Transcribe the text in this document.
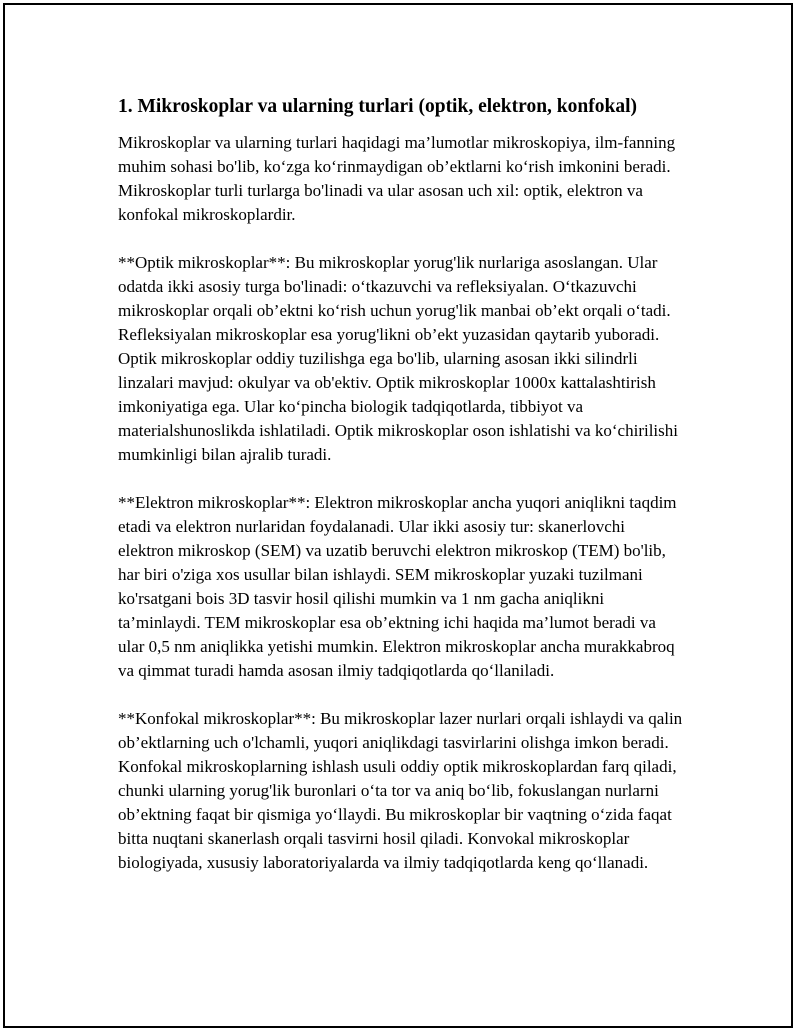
1. Mikroskoplar va ularning turlari (optik, elektron, konfokal)

Mikroskoplar va ularning turlari haqidagi ma’lumotlar mikroskopiya, ilm-fanning muhim sohasi bo'lib, ko‘zga ko‘rinmaydigan ob’ektlarni ko‘rish imkonini beradi. Mikroskoplar turli turlarga bo'linadi va ular asosan uch xil: optik, elektron va konfokal mikroskoplardir.

**Optik mikroskoplar**: Bu mikroskoplar yorug'lik nurlariga asoslangan. Ular odatda ikki asosiy turga bo'linadi: o‘tkazuvchi va refleksiyalan. O‘tkazuvchi mikroskoplar orqali ob’ektni ko‘rish uchun yorug'lik manbai ob’ekt orqali o‘tadi. Refleksiyalan mikroskoplar esa yorug'likni ob’ekt yuzasidan qaytarib yuboradi. Optik mikroskoplar oddiy tuzilishga ega bo'lib, ularning asosan ikki silindrli linzalari mavjud: okulyar va ob'ektiv. Optik mikroskoplar 1000x kattalashtirish imkoniyatiga ega. Ular ko‘pincha biologik tadqiqotlarda, tibbiyot va materialshunoslikda ishlatiladi. Optik mikroskoplar oson ishlatishi va ko‘chirilishi mumkinligi bilan ajralib turadi.

**Elektron mikroskoplar**: Elektron mikroskoplar ancha yuqori aniqlikni taqdim etadi va elektron nurlaridan foydalanadi. Ular ikki asosiy tur: skanerlovchi elektron mikroskop (SEM) va uzatib beruvchi elektron mikroskop (TEM) bo'lib, har biri o'ziga xos usullar bilan ishlaydi. SEM mikroskoplar yuzaki tuzilmani ko'rsatgani bois 3D tasvir hosil qilishi mumkin va 1 nm gacha aniqlikni ta’minlaydi. TEM mikroskoplar esa ob’ektning ichi haqida ma’lumot beradi va ular 0,5 nm aniqlikka yetishi mumkin. Elektron mikroskoplar ancha murakkabroq va qimmat turadi hamda asosan ilmiy tadqiqotlarda qo‘llaniladi.

**Konfokal mikroskoplar**: Bu mikroskoplar lazer nurlari orqali ishlaydi va qalin ob’ektlarning uch o'lchamli, yuqori aniqlikdagi tasvirlarini olishga imkon beradi. Konfokal mikroskoplarning ishlash usuli oddiy optik mikroskoplardan farq qiladi, chunki ularning yorug'lik buronlari o‘ta tor va aniq bo‘lib, fokuslangan nurlarni ob’ektning faqat bir qismiga yo‘llaydi. Bu mikroskoplar bir vaqtning o‘zida faqat bitta nuqtani skanerlash orqali tasvirni hosil qiladi. Konvokal mikroskoplar biologiyada, xususiy laboratoriyalarda va ilmiy tadqiqotlarda keng qo‘llanadi.
